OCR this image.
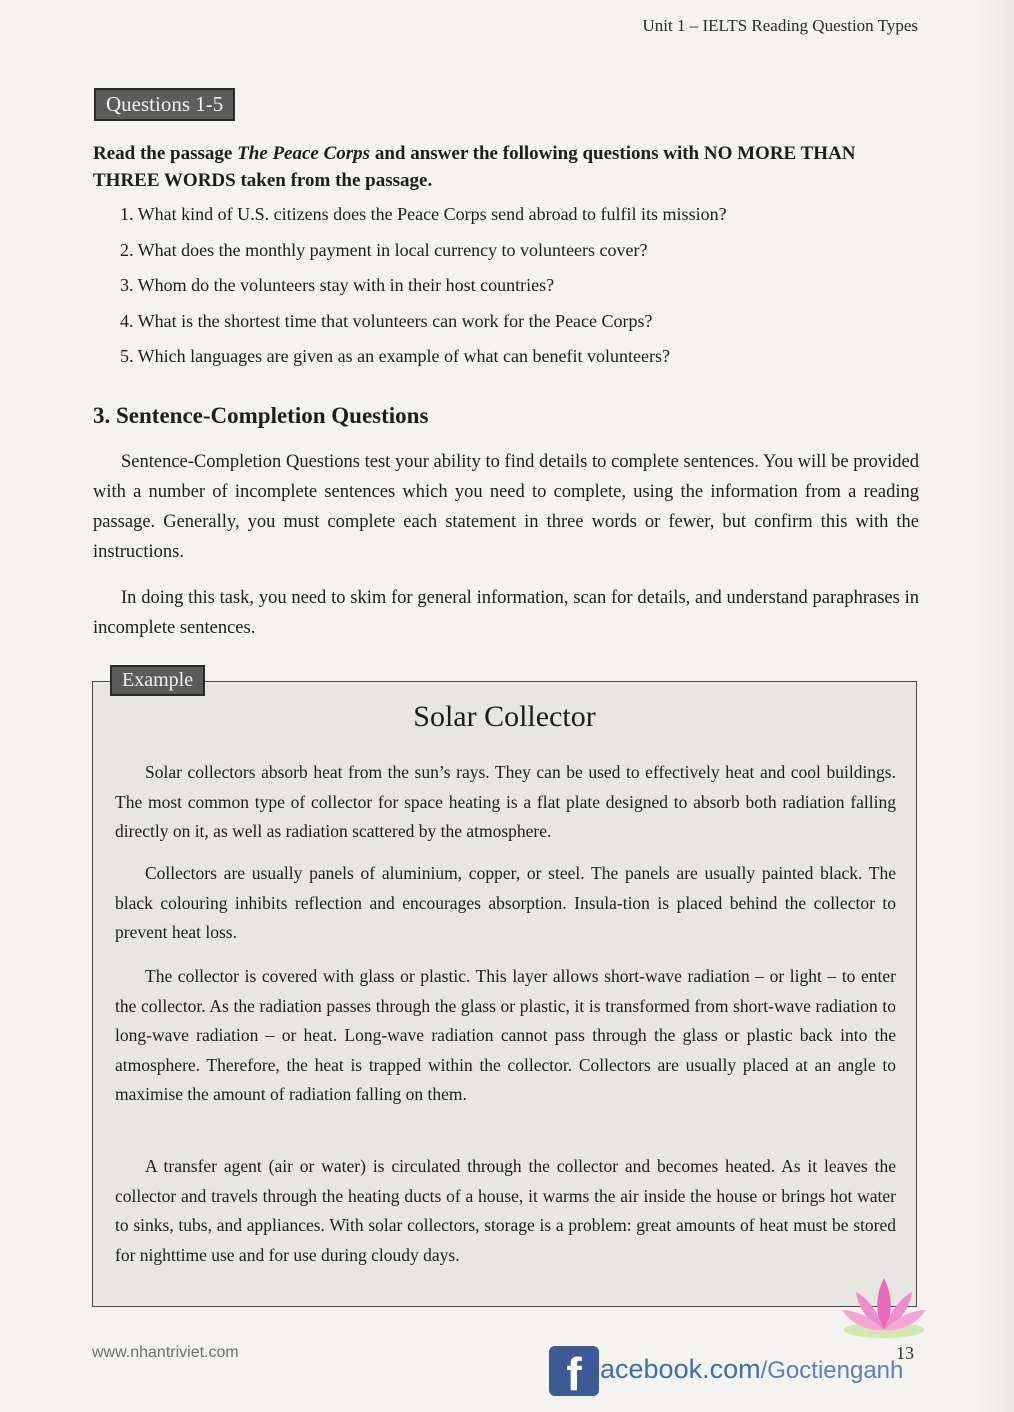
Unit 1 – IELTS Reading Question Types
Questions 1-5
Read the passage The Peace Corps and answer the following questions with NO MORE THAN THREE WORDS taken from the passage.
1. What kind of U.S. citizens does the Peace Corps send abroad to fulfil its mission?
2. What does the monthly payment in local currency to volunteers cover?
3. Whom do the volunteers stay with in their host countries?
4. What is the shortest time that volunteers can work for the Peace Corps?
5. Which languages are given as an example of what can benefit volunteers?
3. Sentence-Completion Questions

Sentence-Completion Questions test your ability to find details to complete sentences. You will be provided with a number of incomplete sentences which you need to complete, using the information from a reading passage. Generally, you must complete each statement in three words or fewer, but confirm this with the instructions.

In doing this task, you need to skim for general information, scan for details, and understand paraphrases in incomplete sentences.

Example
Solar Collector

Solar collectors absorb heat from the sun’s rays. They can be used to effectively heat and cool buildings. The most common type of collector for space heating is a flat plate designed to absorb both radiation falling directly on it, as well as radiation scattered by the atmosphere.

Collectors are usually panels of aluminium, copper, or steel. The panels are usually painted black. The black colouring inhibits reflection and encourages absorption. Insula-tion is placed behind the collector to prevent heat loss.

The collector is covered with glass or plastic. This layer allows short-wave radiation – or light – to enter the collector. As the radiation passes through the glass or plastic, it is transformed from short-wave radiation to long-wave radiation – or heat. Long-wave radiation cannot pass through the glass or plastic back into the atmosphere. Therefore, the heat is trapped within the collector. Collectors are usually placed at an angle to maximise the amount of radiation falling on them.

A transfer agent (air or water) is circulated through the collector and becomes heated. As it leaves the collector and travels through the heating ducts of a house, it warms the air inside the house or brings hot water to sinks, tubs, and appliances. With solar collectors, storage is a problem: great amounts of heat must be stored for nighttime use and for use during cloudy days.

www.nhantriviet.com	13
f acebook.com/Goctienganh
